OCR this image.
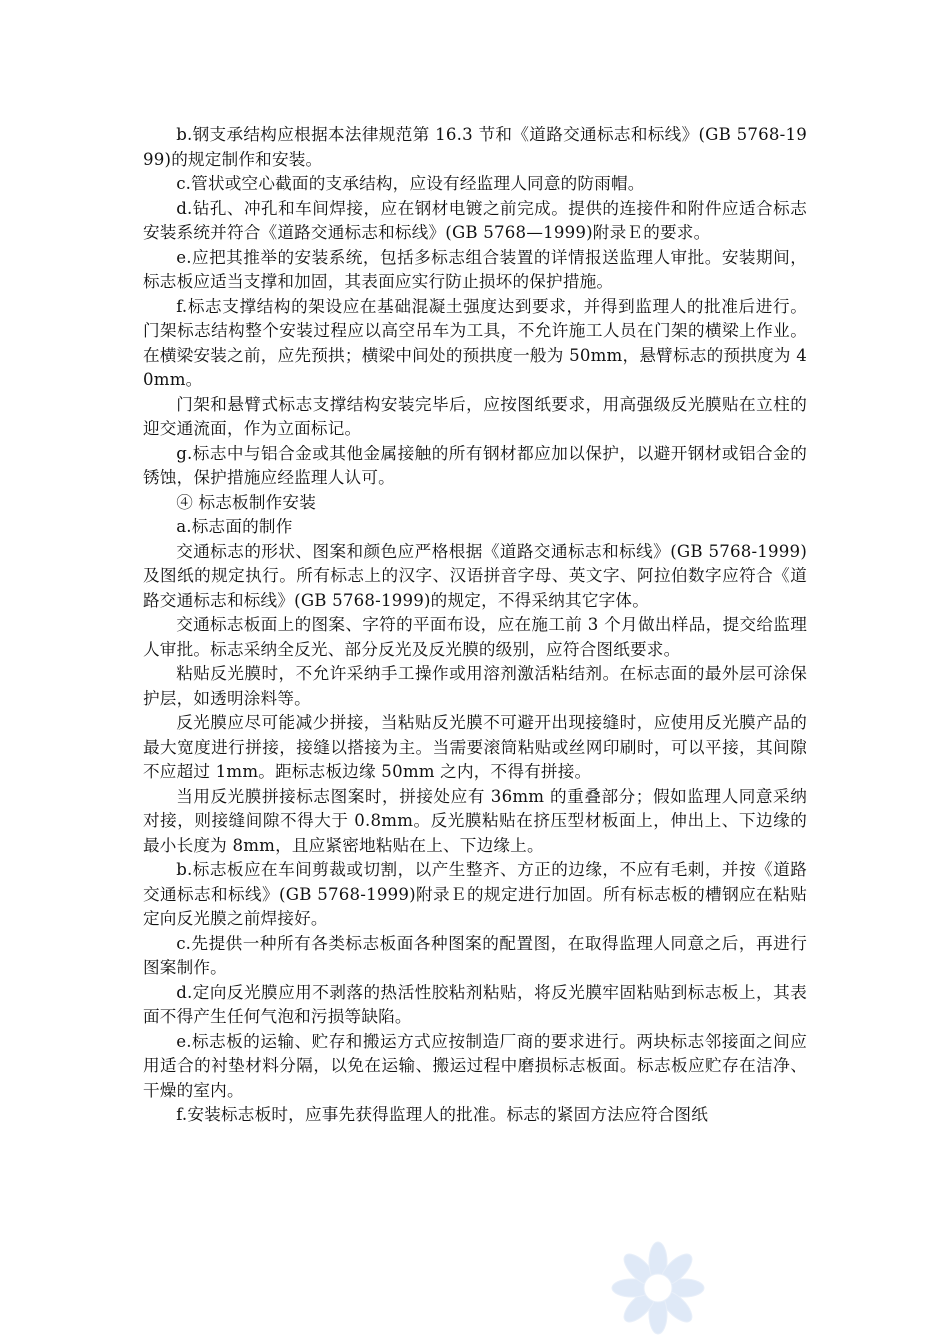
b.钢支承结构应根据本法律规范第 16.3 节和《道路交通标志和标线》(GB 5768-1999)的规定制作和安装。

c.管状或空心截面的支承结构，应设有经监理人同意的防雨帽。

d.钻孔、冲孔和车间焊接，应在钢材电镀之前完成。提供的连接件和附件应适合标志安装系统并符合《道路交通标志和标线》(GB 5768—1999)附录Ｅ的要求。

e.应把其推举的安装系统，包括多标志组合装置的详情报送监理人审批。安装期间，标志板应适当支撑和加固，其表面应实行防止损坏的保护措施。

f.标志支撑结构的架设应在基础混凝土强度达到要求，并得到监理人的批准后进行。门架标志结构整个安装过程应以高空吊车为工具，不允许施工人员在门架的横梁上作业。在横梁安装之前，应先预拱；横梁中间处的预拱度一般为 50mm，悬臂标志的预拱度为 40mm。

门架和悬臂式标志支撑结构安装完毕后，应按图纸要求，用高强级反光膜贴在立柱的迎交通流面，作为立面标记。

g.标志中与铝合金或其他金属接触的所有钢材都应加以保护，以避开钢材或铝合金的锈蚀，保护措施应经监理人认可。

④ 标志板制作安装

a.标志面的制作

交通标志的形状、图案和颜色应严格根据《道路交通标志和标线》(GB 5768-1999)及图纸的规定执行。所有标志上的汉字、汉语拼音字母、英文字、阿拉伯数字应符合《道路交通标志和标线》(GB 5768-1999)的规定，不得采纳其它字体。

交通标志板面上的图案、字符的平面布设，应在施工前 3 个月做出样品，提交给监理人审批。标志采纳全反光、部分反光及反光膜的级别，应符合图纸要求。

粘贴反光膜时，不允许采纳手工操作或用溶剂激活粘结剂。在标志面的最外层可涂保护层，如透明涂料等。

反光膜应尽可能减少拼接，当粘贴反光膜不可避开出现接缝时，应使用反光膜产品的最大宽度进行拼接，接缝以搭接为主。当需要滚筒粘贴或丝网印刷时，可以平接，其间隙不应超过 1mm。距标志板边缘 50mm 之内，不得有拼接。

当用反光膜拼接标志图案时，拼接处应有 36mm 的重叠部分；假如监理人同意采纳对接，则接缝间隙不得大于 0.8mm。反光膜粘贴在挤压型材板面上，伸出上、下边缘的最小长度为 8mm，且应紧密地粘贴在上、下边缘上。

b.标志板应在车间剪裁或切割，以产生整齐、方正的边缘，不应有毛刺，并按《道路交通标志和标线》(GB 5768-1999)附录Ｅ的规定进行加固。所有标志板的槽钢应在粘贴定向反光膜之前焊接好。

c.先提供一种所有各类标志板面各种图案的配置图，在取得监理人同意之后，再进行图案制作。

d.定向反光膜应用不剥落的热活性胶粘剂粘贴，将反光膜牢固粘贴到标志板上，其表面不得产生任何气泡和污损等缺陷。

e.标志板的运输、贮存和搬运方式应按制造厂商的要求进行。两块标志邻接面之间应用适合的衬垫材料分隔，以免在运输、搬运过程中磨损标志板面。标志板应贮存在洁净、干燥的室内。

f.安装标志板时，应事先获得监理人的批准。标志的紧固方法应符合图纸
